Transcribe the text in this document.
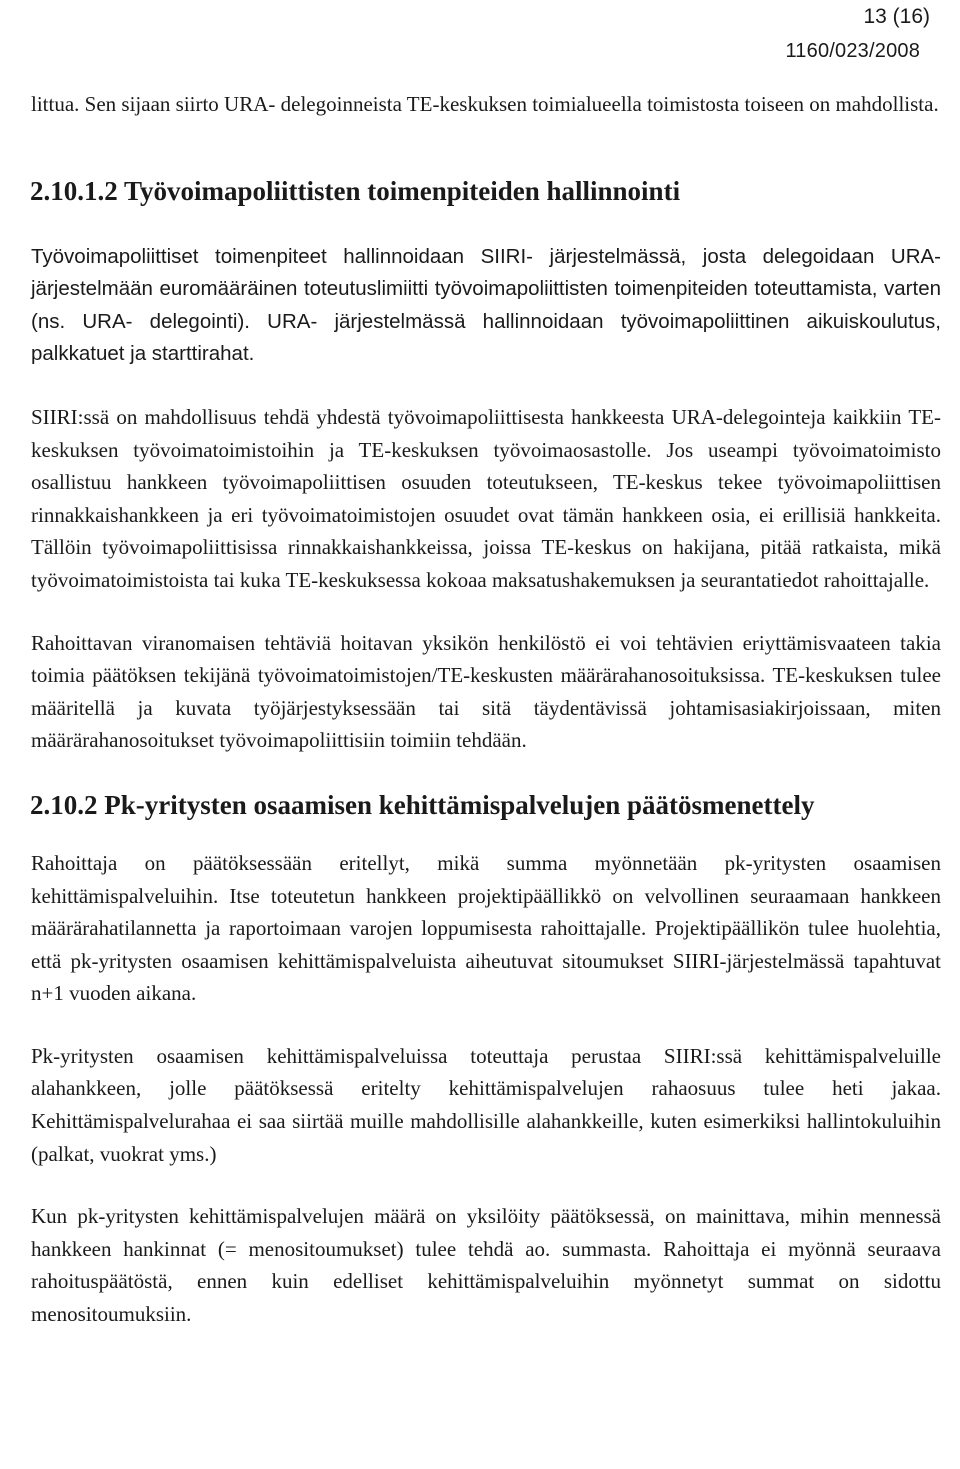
13 (16)
1160/023/2008

littua. Sen sijaan siirto URA- delegoinneista TE-keskuksen toimialueella toimistosta toiseen on mahdollista.

2.10.1.2 Työvoimapoliittisten toimenpiteiden hallinnointi

Työvoimapoliittiset toimenpiteet hallinnoidaan SIIRI- järjestelmässä, josta delegoidaan URA- järjestelmään euromääräinen toteutuslimiitti työvoimapoliittisten toimenpiteiden toteuttamista, varten (ns. URA- delegointi). URA- järjestelmässä hallinnoidaan työvoimapoliittinen aikuiskoulutus, palkkatuet ja starttirahat.

SIIRI:ssä on mahdollisuus tehdä yhdestä työvoimapoliittisesta hankkeesta URA-delegointeja kaikkiin TE-keskuksen työvoimatoimistoihin ja TE-keskuksen työvoimaosastolle. Jos useampi työvoimatoimisto osallistuu hankkeen työvoimapoliittisen osuuden toteutukseen, TE-keskus tekee työvoimapoliittisen rinnakkaishankkeen ja eri työvoimatoimistojen osuudet ovat tämän hankkeen osia, ei erillisiä hankkeita. Tällöin työvoimapoliittisissa rinnakkaishankkeissa, joissa TE-keskus on hakijana, pitää ratkaista, mikä työvoimatoimistoista tai kuka TE-keskuksessa kokoaa maksatushakemuksen ja seurantatiedot rahoittajalle.

Rahoittavan viranomaisen tehtäviä hoitavan yksikön henkilöstö ei voi tehtävien eriyttämisvaateen takia toimia päätöksen tekijänä työvoimatoimistojen/TE-keskusten määrärahanosoituksissa. TE-keskuksen tulee määritellä ja kuvata työjärjestyksessään tai sitä täydentävissä johtamisasiakirjoissaan, miten määrärahanosoitukset työvoimapoliittisiin toimiin tehdään.

2.10.2 Pk-yritysten osaamisen kehittämispalvelujen päätösmenettely

Rahoittaja on päätöksessään eritellyt, mikä summa myönnetään pk-yritysten osaamisen kehittämispalveluihin. Itse toteutetun hankkeen projektipäällikkö on velvollinen seuraamaan hankkeen määrärahatilannetta ja raportoimaan varojen loppumisesta rahoittajalle. Projektipäällikön tulee huolehtia, että pk-yritysten osaamisen kehittämispalveluista aiheutuvat sitoumukset SIIRI-järjestelmässä tapahtuvat n+1 vuoden aikana.

Pk-yritysten osaamisen kehittämispalveluissa toteuttaja perustaa SIIRI:ssä kehittämispalveluille alahankkeen, jolle päätöksessä eritelty kehittämispalvelujen rahaosuus tulee heti jakaa. Kehittämispalvelurahaa ei saa siirtää muille mahdollisille alahankkeille, kuten esimerkiksi hallintokuluihin (palkat, vuokrat yms.)

Kun pk-yritysten kehittämispalvelujen määrä on yksilöity päätöksessä, on mainittava, mihin mennessä hankkeen hankinnat (= menositoumukset) tulee tehdä ao. summasta. Rahoittaja ei myönnä seuraava rahoituspäätöstä, ennen kuin edelliset kehittämispalveluihin myönnetyt summat on sidottu menositoumuksiin.
